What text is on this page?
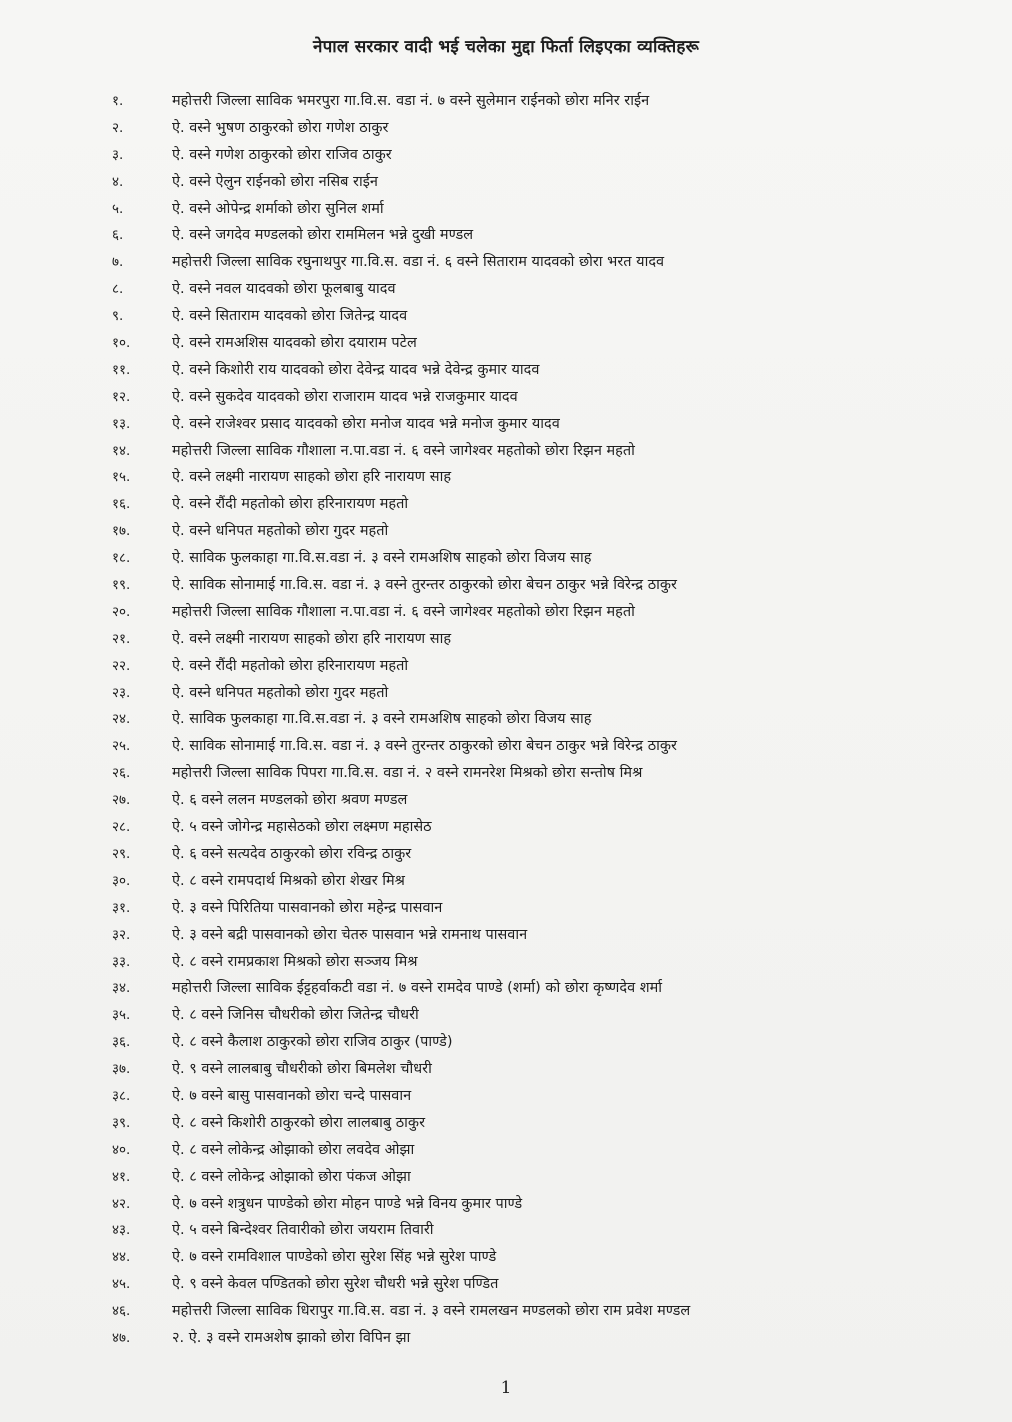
नेपाल सरकार वादी भई चलेका मुद्दा फिर्ता लिइएका व्यक्तिहरू
१.	महोत्तरी जिल्ला साविक भमरपुरा गा.वि.स. वडा नं. ७ वस्ने सुलेमान राईनको छोरा मनिर राईन
२.	ऐ. वस्ने भुषण ठाकुरको छोरा गणेश ठाकुर
३.	ऐ. वस्ने गणेश ठाकुरको छोरा राजिव ठाकुर
४.	ऐ. वस्ने ऐलुन राईनको छोरा नसिब राईन
५.	ऐ. वस्ने ओपेन्द्र शर्माको छोरा सुनिल शर्मा
६.	ऐ. वस्ने जगदेव मण्डलको छोरा राममिलन भन्ने दुखी मण्डल
७.	महोत्तरी जिल्ला साविक रघुनाथपुर गा.वि.स. वडा नं. ६ वस्ने सिताराम यादवको छोरा भरत यादव
८.	ऐ. वस्ने नवल यादवको छोरा फूलबाबु यादव
९.	ऐ. वस्ने सिताराम यादवको छोरा जितेन्द्र यादव
१०.	ऐ. वस्ने रामअशिस यादवको छोरा दयाराम पटेल
११.	ऐ. वस्ने किशोरी राय यादवको छोरा देवेन्द्र यादव भन्ने देवेन्द्र कुमार यादव
१२.	ऐ. वस्ने सुकदेव यादवको छोरा राजाराम यादव भन्ने राजकुमार यादव
१३.	ऐ. वस्ने राजेश्वर प्रसाद यादवको छोरा मनोज यादव भन्ने मनोज कुमार यादव
१४.	महोत्तरी जिल्ला साविक गौशाला न.पा.वडा नं. ६ वस्ने जागेश्वर महतोको छोरा रिझन महतो
१५.	ऐ. वस्ने लक्ष्मी नारायण साहको छोरा हरि नारायण साह
१६.	ऐ. वस्ने रौंदी महतोको छोरा हरिनारायण महतो
१७.	ऐ. वस्ने धनिपत महतोको छोरा गुदर महतो
१८.	ऐ. साविक फुलकाहा गा.वि.स.वडा नं. ३ वस्ने रामअशिष साहको छोरा विजय साह
१९.	ऐ. साविक सोनामाई गा.वि.स. वडा नं. ३ वस्ने तुरन्तर ठाकुरको छोरा बेचन ठाकुर भन्ने विरेन्द्र ठाकुर
२०.	महोत्तरी जिल्ला साविक गौशाला न.पा.वडा नं. ६ वस्ने जागेश्वर महतोको छोरा रिझन महतो
२१.	ऐ. वस्ने लक्ष्मी नारायण साहको छोरा हरि नारायण साह
२२.	ऐ. वस्ने रौंदी महतोको छोरा हरिनारायण महतो
२३.	ऐ. वस्ने धनिपत महतोको छोरा गुदर महतो
२४.	ऐ. साविक फुलकाहा गा.वि.स.वडा नं. ३ वस्ने रामअशिष साहको छोरा विजय साह
२५.	ऐ. साविक सोनामाई गा.वि.स. वडा नं. ३ वस्ने तुरन्तर ठाकुरको छोरा बेचन ठाकुर भन्ने विरेन्द्र ठाकुर
२६.	महोत्तरी जिल्ला साविक पिपरा गा.वि.स. वडा नं. २ वस्ने रामनरेश मिश्रको छोरा सन्तोष मिश्र
२७.	ऐ. ६ वस्ने ललन मण्डलको छोरा श्रवण मण्डल
२८.	ऐ. ५ वस्ने जोगेन्द्र महासेठको छोरा लक्ष्मण महासेठ
२९.	ऐ. ६ वस्ने सत्यदेव ठाकुरको छोरा रविन्द्र ठाकुर
३०.	ऐ. ८ वस्ने रामपदार्थ मिश्रको छोरा शेखर मिश्र
३१.	ऐ. ३ वस्ने पिरितिया पासवानको छोरा महेन्द्र पासवान
३२.	ऐ. ३ वस्ने बद्री पासवानको छोरा चेतरु पासवान भन्ने रामनाथ पासवान
३३.	ऐ. ८ वस्ने रामप्रकाश मिश्रको छोरा सञ्जय मिश्र
३४.	महोत्तरी जिल्ला साविक ईट्टहर्वाकटी वडा नं. ७ वस्ने रामदेव पाण्डे (शर्मा) को छोरा कृष्णदेव शर्मा
३५.	ऐ. ८ वस्ने जिनिस चौधरीको छोरा जितेन्द्र चौधरी
३६.	ऐ. ८ वस्ने कैलाश ठाकुरको छोरा राजिव ठाकुर (पाण्डे)
३७.	ऐ. ९ वस्ने लालबाबु चौधरीको छोरा बिमलेश चौधरी
३८.	ऐ. ७ वस्ने बासु पासवानको छोरा चन्दे पासवान
३९.	ऐ. ८ वस्ने किशोरी ठाकुरको छोरा लालबाबु ठाकुर
४०.	ऐ. ८ वस्ने लोकेन्द्र ओझाको छोरा लवदेव ओझा
४१.	ऐ. ८ वस्ने लोकेन्द्र ओझाको छोरा पंकज ओझा
४२.	ऐ. ७ वस्ने शत्रुधन पाण्डेको छोरा मोहन पाण्डे भन्ने विनय कुमार पाण्डे
४३.	ऐ. ५ वस्ने बिन्देश्वर तिवारीको छोरा जयराम तिवारी
४४.	ऐ. ७ वस्ने रामविशाल पाण्डेको छोरा सुरेश सिंह भन्ने सुरेश पाण्डे
४५.	ऐ. ९ वस्ने केवल पण्डितको छोरा सुरेश चौधरी भन्ने सुरेश पण्डित
४६.	महोत्तरी जिल्ला साविक धिरापुर गा.वि.स. वडा नं. ३ वस्ने रामलखन मण्डलको छोरा राम प्रवेश मण्डल
४७.	२. ऐ. ३ वस्ने रामअशेष झाको छोरा विपिन झा
1
